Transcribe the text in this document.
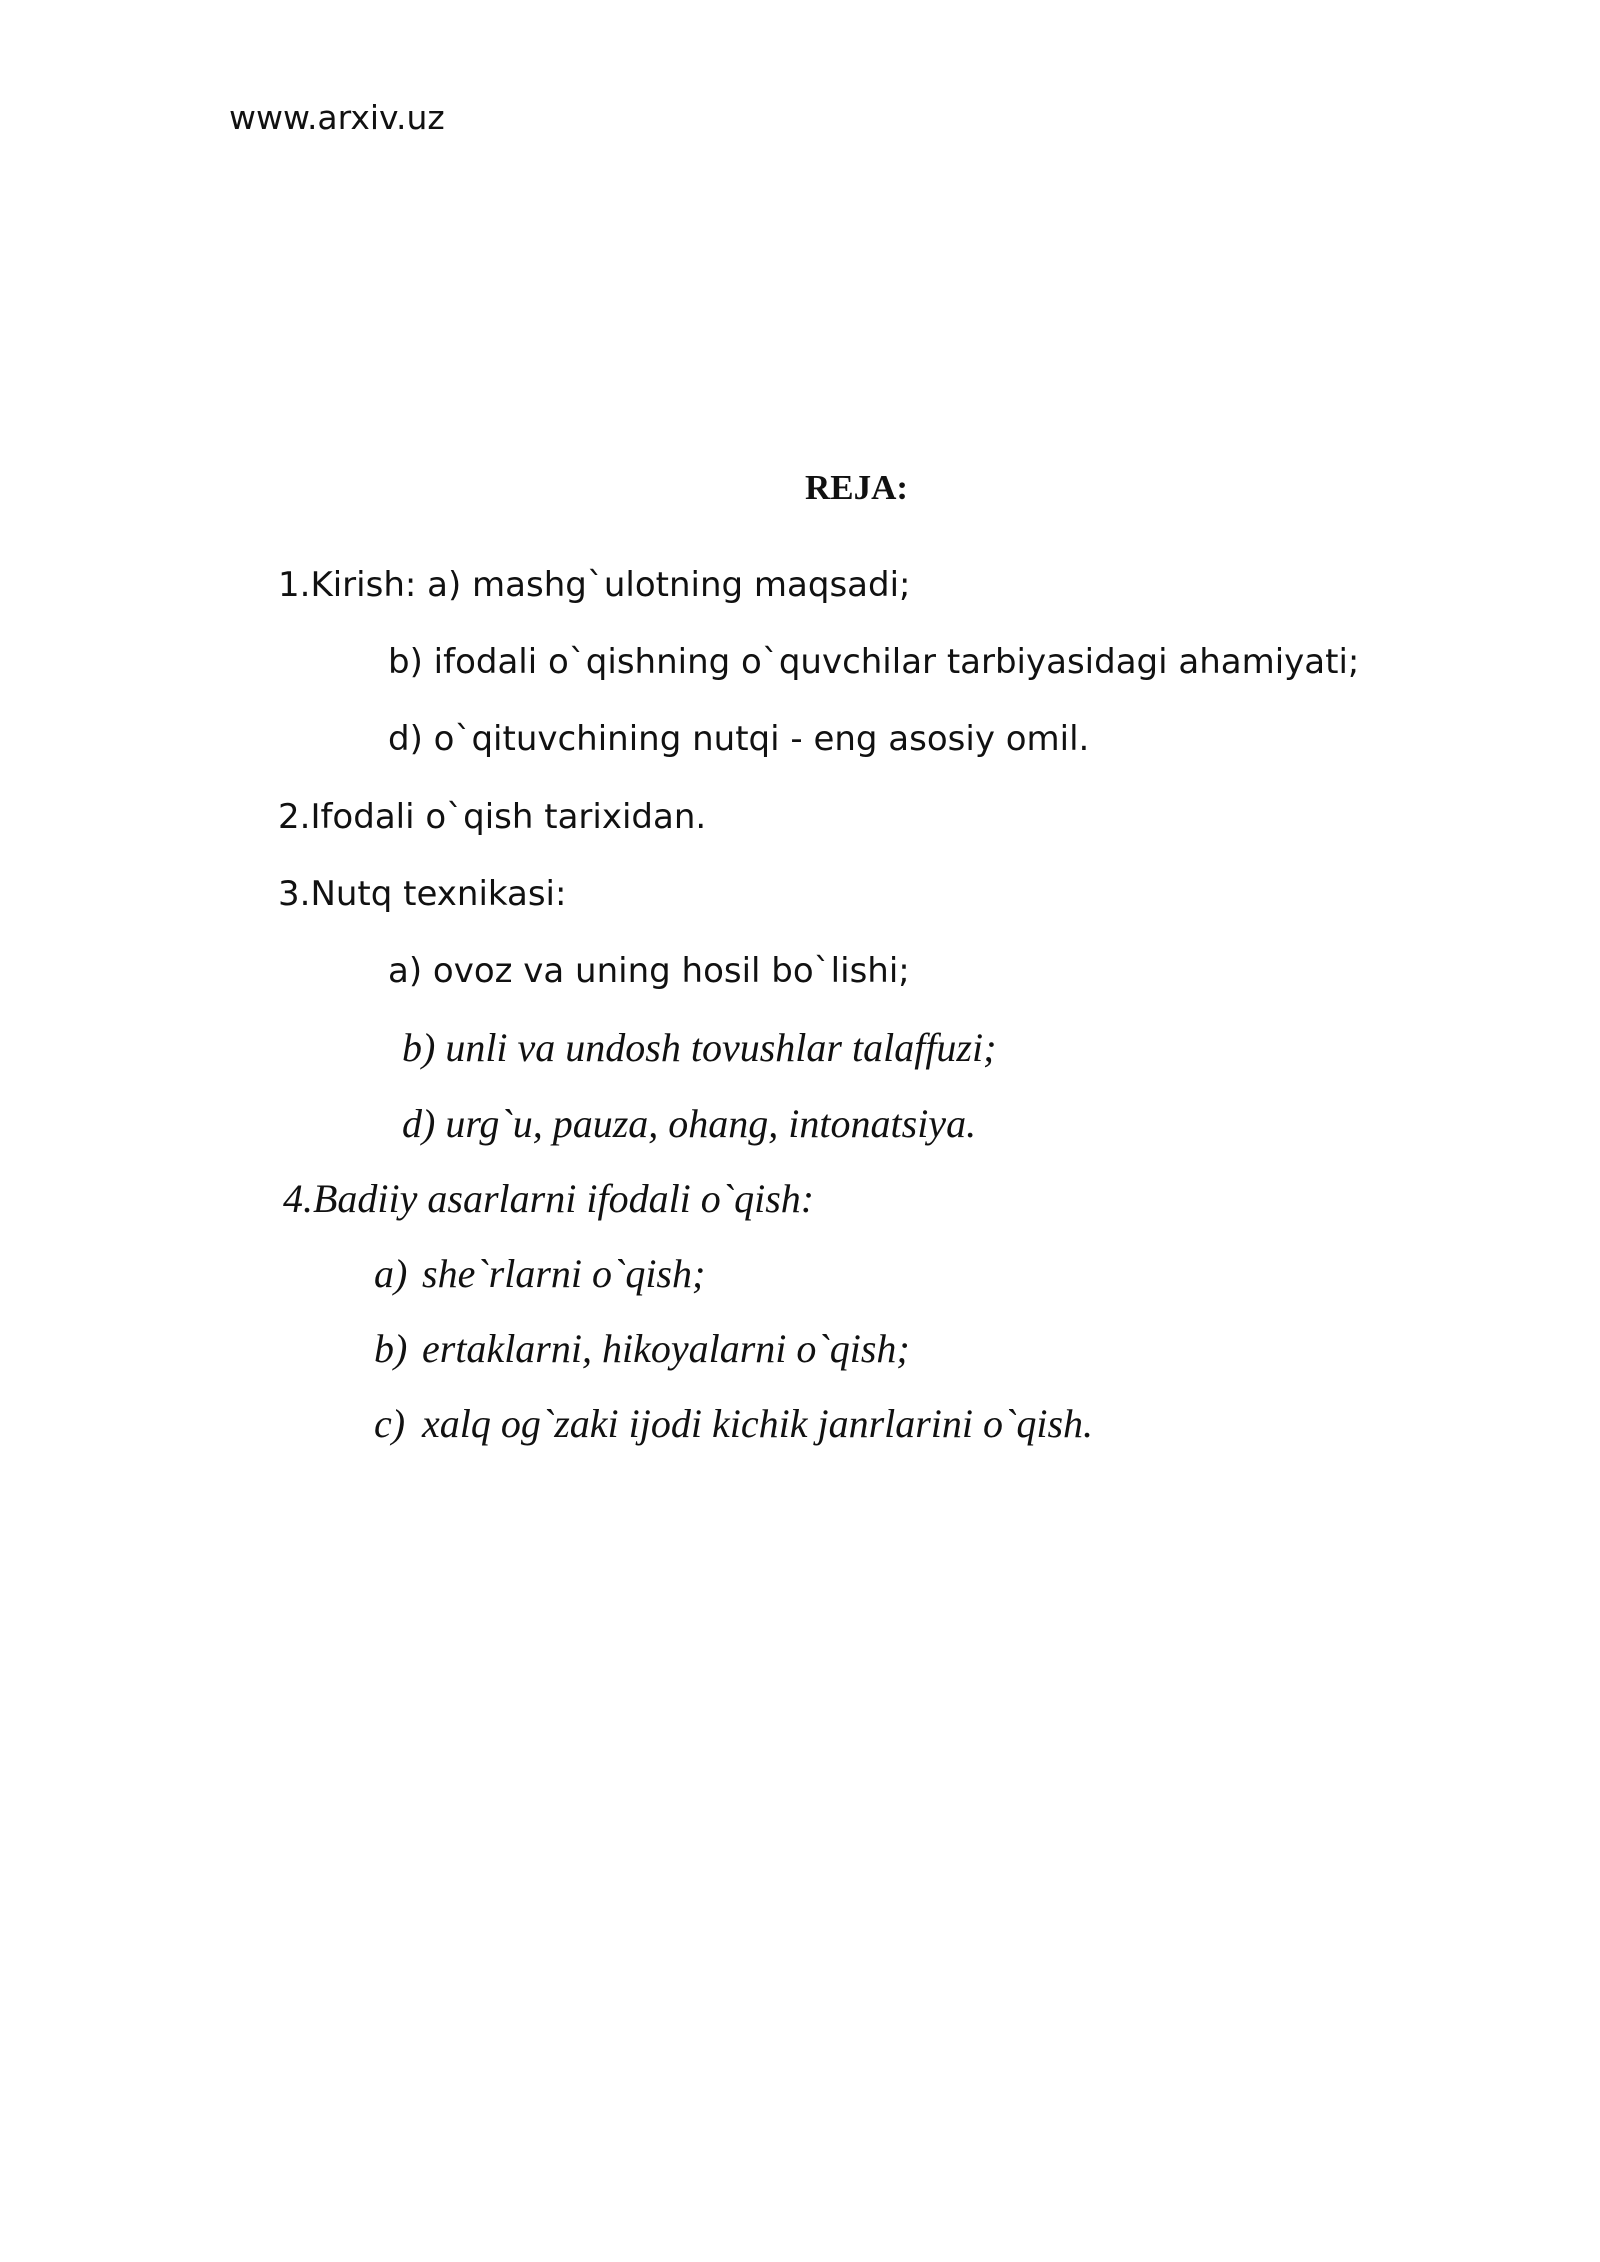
www.arxiv.uz
REJA:
1.Kirish: a) mashg`ulotning maqsadi;
b) ifodali o`qishning o`quvchilar tarbiyasidagi ahamiyati;
d) o`qituvchining nutqi - eng asosiy omil.
2.Ifodali o`qish tarixidan.
3.Nutq texnikasi:
a) ovoz va uning hosil bo`lishi;
b) unli va undosh tovushlar talaffuzi;
d) urg`u, pauza, ohang, intonatsiya.
4.Badiiy asarlarni ifodali o`qish:
a) she`rlarni o`qish;
b) ertaklarni, hikoyalarni o`qish;
c) xalq og`zaki ijodi kichik janrlarini o`qish.
